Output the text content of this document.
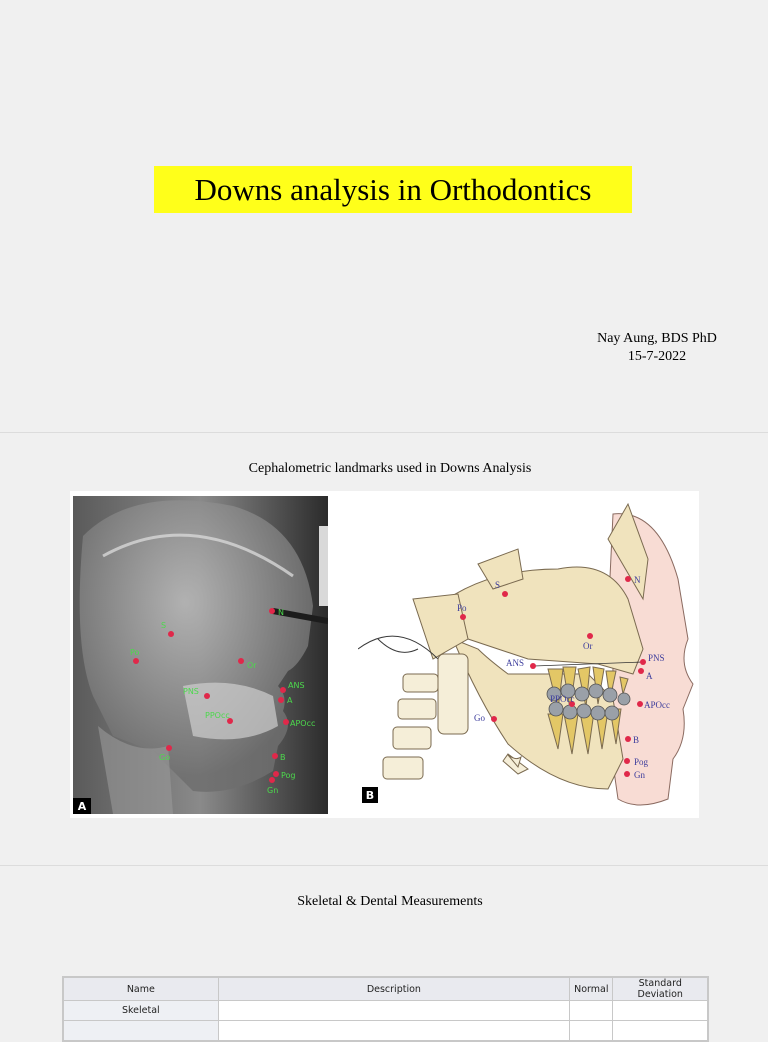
Downs analysis in Orthodontics
Nay Aung, BDS PhD
15-7-2022
Cephalometric landmarks used in Downs Analysis
A
N
S
Po
Or
PNS
ANS
A
PPOcc
APOcc
Go	B
Pog
Gn	B
N
S
Po
Or
ANS	PNS
A
PPOcc
APOcc
Go
B
Pog
Gn
Skeletal & Dental Measurements
Name	Description	Normal	Standard Deviation
Skeletal			
